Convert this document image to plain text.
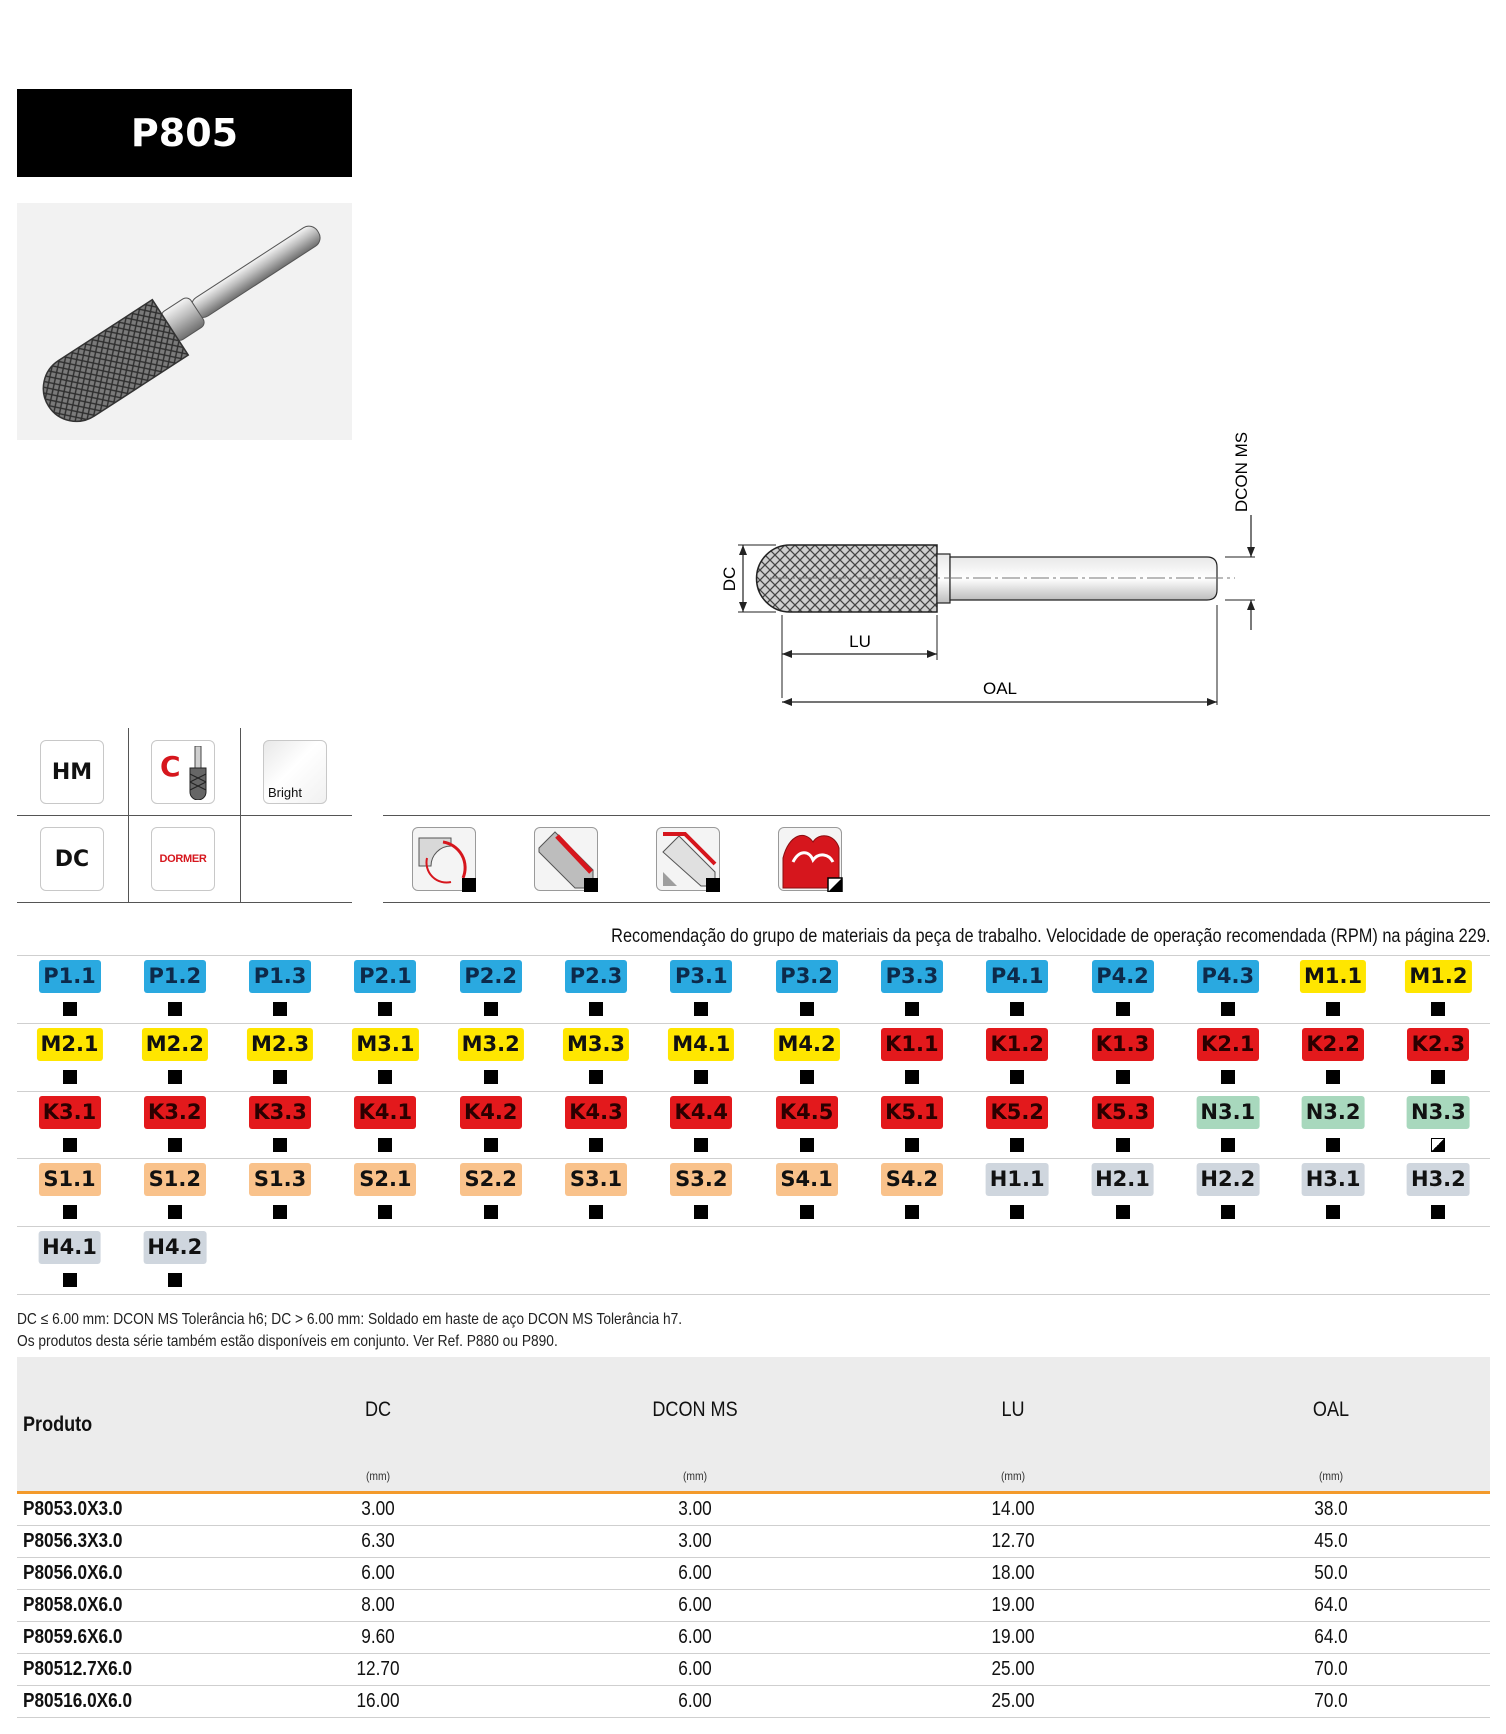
P805
DC
DCON MS
LU
OAL
HM	C
Bright
DC	DORMER
Recomendação do grupo de materiais da peça de trabalho. Velocidade de operação recomendada (RPM) na página 229.
P1.1	P1.2	P1.3	P2.1	P2.2	P2.3	P3.1	P3.2	P3.3	P4.1	P4.2	P4.3 M1.1 M1.2
M2.1 M2.2 M2.3 M3.1 M3.2 M3.3 M4.1 M4.2 K1.1 K1.2 K1.3 K2.1 K2.2 K2.3
K3.1 K3.2 K3.3 K4.1 K4.2 K4.3 K4.4 K4.5 K5.1 K5.2 K5.3 N3.1 N3.2 N3.3
S1.1	S1.2	S1.3	S2.1	S2.2	S3.1	S3.2	S4.1	S4.2 H1.1 H2.1 H2.2 H3.1 H3.2
H4.1 H4.2
DC ≤ 6.00 mm: DCON MS Tolerância h6; DC > 6.00 mm: Soldado em haste de aço DCON MS Tolerância h7.
Os produtos desta série também estão disponíveis em conjunto. Ver Ref. P880 ou P890.
Produto
DC	DCON MS	LU	OAL
(mm)	(mm)	(mm)	(mm)
P8053.0X3.0	3.00	3.00	14.00	38.0
P8056.3X3.0	6.30	3.00	12.70	45.0
P8056.0X6.0	6.00	6.00	18.00	50.0
P8058.0X6.0	8.00	6.00	19.00	64.0
P8059.6X6.0	9.60	6.00	19.00	64.0
P80512.7X6.0	12.70	6.00	25.00	70.0
P80516.0X6.0	16.00	6.00	25.00	70.0
